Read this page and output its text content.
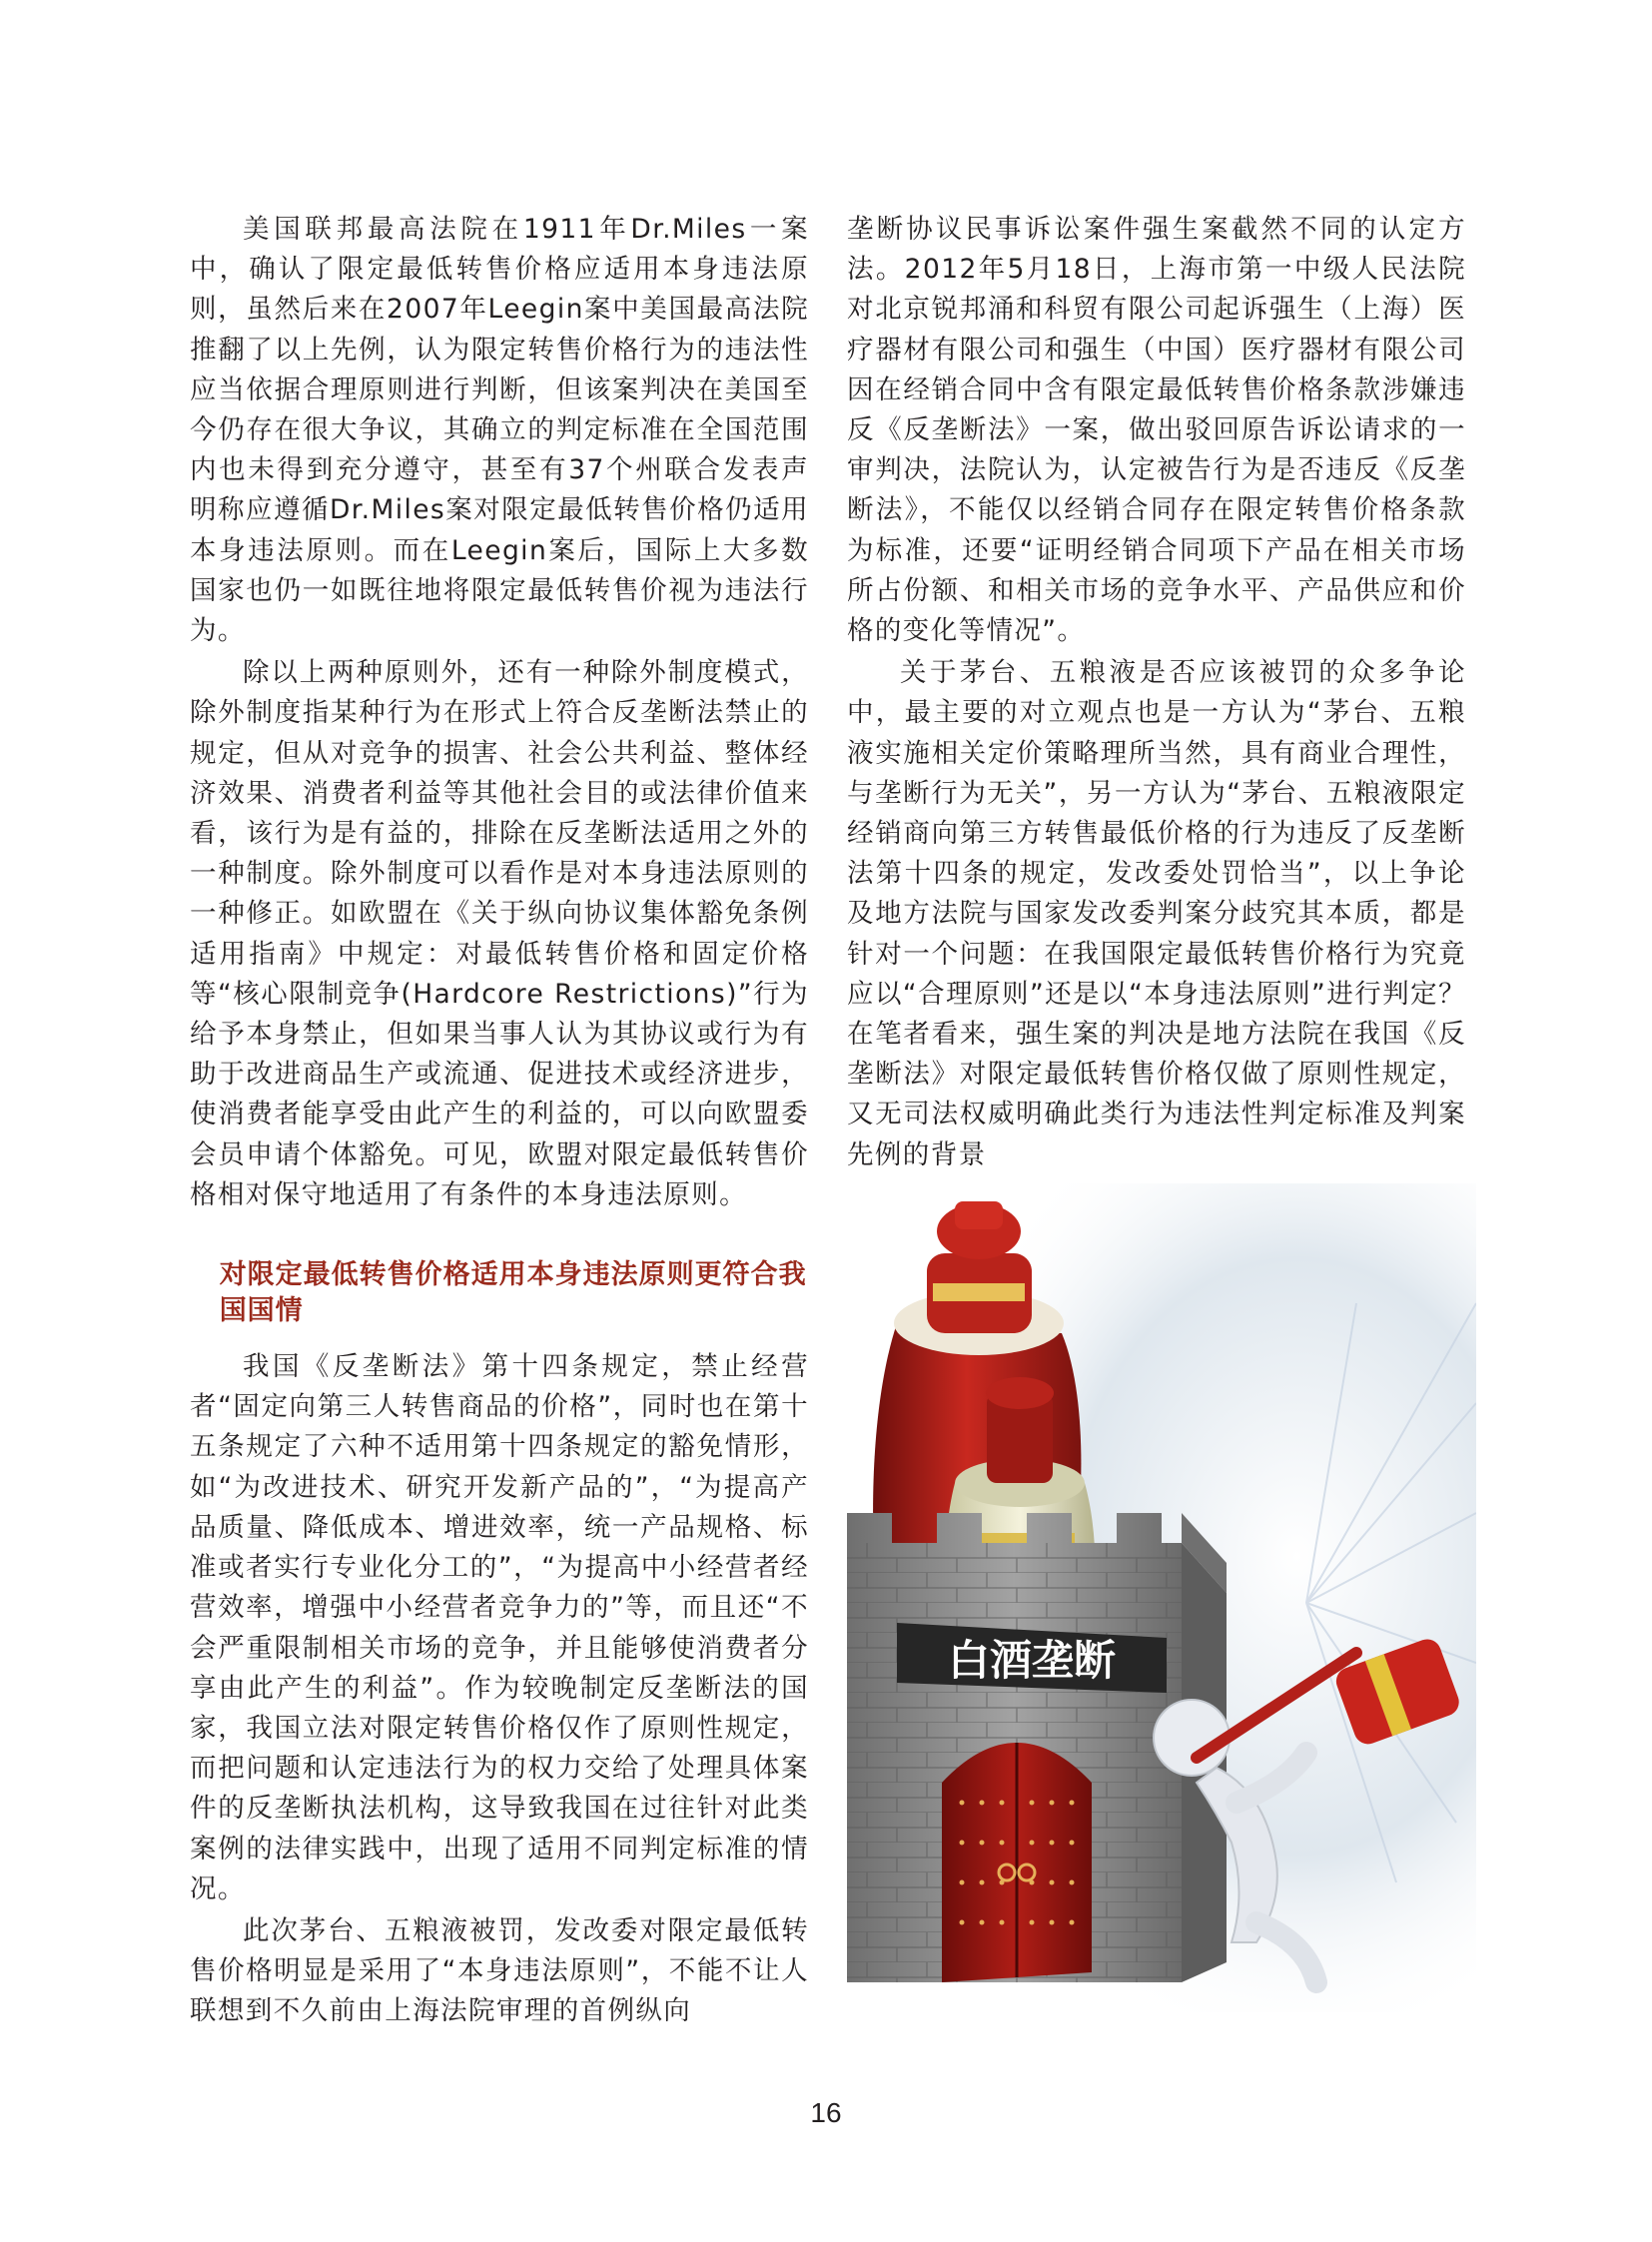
美国联邦最高法院在1911年Dr.Miles一案中，确认了限定最低转售价格应适用本身违法原则，虽然后来在2007年Leegin案中美国最高法院推翻了以上先例，认为限定转售价格行为的违法性应当依据合理原则进行判断，但该案判决在美国至今仍存在很大争议，其确立的判定标准在全国范围内也未得到充分遵守，甚至有37个州联合发表声明称应遵循Dr.Miles案对限定最低转售价格仍适用本身违法原则。而在Leegin案后，国际上大多数国家也仍一如既往地将限定最低转售价视为违法行为。

除以上两种原则外，还有一种除外制度模式，除外制度指某种行为在形式上符合反垄断法禁止的规定，但从对竞争的损害、社会公共利益、整体经济效果、消费者利益等其他社会目的或法律价值来看，该行为是有益的，排除在反垄断法适用之外的一种制度。除外制度可以看作是对本身违法原则的一种修正。如欧盟在《关于纵向协议集体豁免条例适用指南》中规定：对最低转售价格和固定价格等“核心限制竞争(Hardcore Restrictions)”行为给予本身禁止，但如果当事人认为其协议或行为有助于改进商品生产或流通、促进技术或经济进步，使消费者能享受由此产生的利益的，可以向欧盟委会员申请个体豁免。可见，欧盟对限定最低转售价格相对保守地适用了有条件的本身违法原则。

对限定最低转售价格适用本身违法原则更符合我国国情

我国《反垄断法》第十四条规定，禁止经营者“固定向第三人转售商品的价格”，同时也在第十五条规定了六种不适用第十四条规定的豁免情形，如“为改进技术、研究开发新产品的”，“为提高产品质量、降低成本、增进效率，统一产品规格、标准或者实行专业化分工的”，“为提高中小经营者经营效率，增强中小经营者竞争力的”等，而且还“不会严重限制相关市场的竞争，并且能够使消费者分享由此产生的利益”。作为较晚制定反垄断法的国家，我国立法对限定转售价格仅作了原则性规定，而把问题和认定违法行为的权力交给了处理具体案件的反垄断执法机构，这导致我国在过往针对此类案例的法律实践中，出现了适用不同判定标准的情况。

此次茅台、五粮液被罚，发改委对限定最低转售价格明显是采用了“本身违法原则”，不能不让人联想到不久前由上海法院审理的首例纵向

垄断协议民事诉讼案件强生案截然不同的认定方法。2012年5月18日，上海市第一中级人民法院对北京锐邦涌和科贸有限公司起诉强生（上海）医疗器材有限公司和强生（中国）医疗器材有限公司因在经销合同中含有限定最低转售价格条款涉嫌违反《反垄断法》一案，做出驳回原告诉讼请求的一审判决，法院认为，认定被告行为是否违反《反垄断法》，不能仅以经销合同存在限定转售价格条款为标准，还要“证明经销合同项下产品在相关市场所占份额、和相关市场的竞争水平、产品供应和价格的变化等情况”。

关于茅台、五粮液是否应该被罚的众多争论中，最主要的对立观点也是一方认为“茅台、五粮液实施相关定价策略理所当然，具有商业合理性，与垄断行为无关”，另一方认为“茅台、五粮液限定经销商向第三方转售最低价格的行为违反了反垄断法第十四条的规定，发改委处罚恰当”，以上争论及地方法院与国家发改委判案分歧究其本质，都是针对一个问题：在我国限定最低转售价格行为究竟应以“合理原则”还是以“本身违法原则”进行判定？在笔者看来，强生案的判决是地方法院在我国《反垄断法》对限定最低转售价格仅做了原则性规定，又无司法权威明确此类行为违法性判定标准及判案先例的背景

白酒垄断
16
